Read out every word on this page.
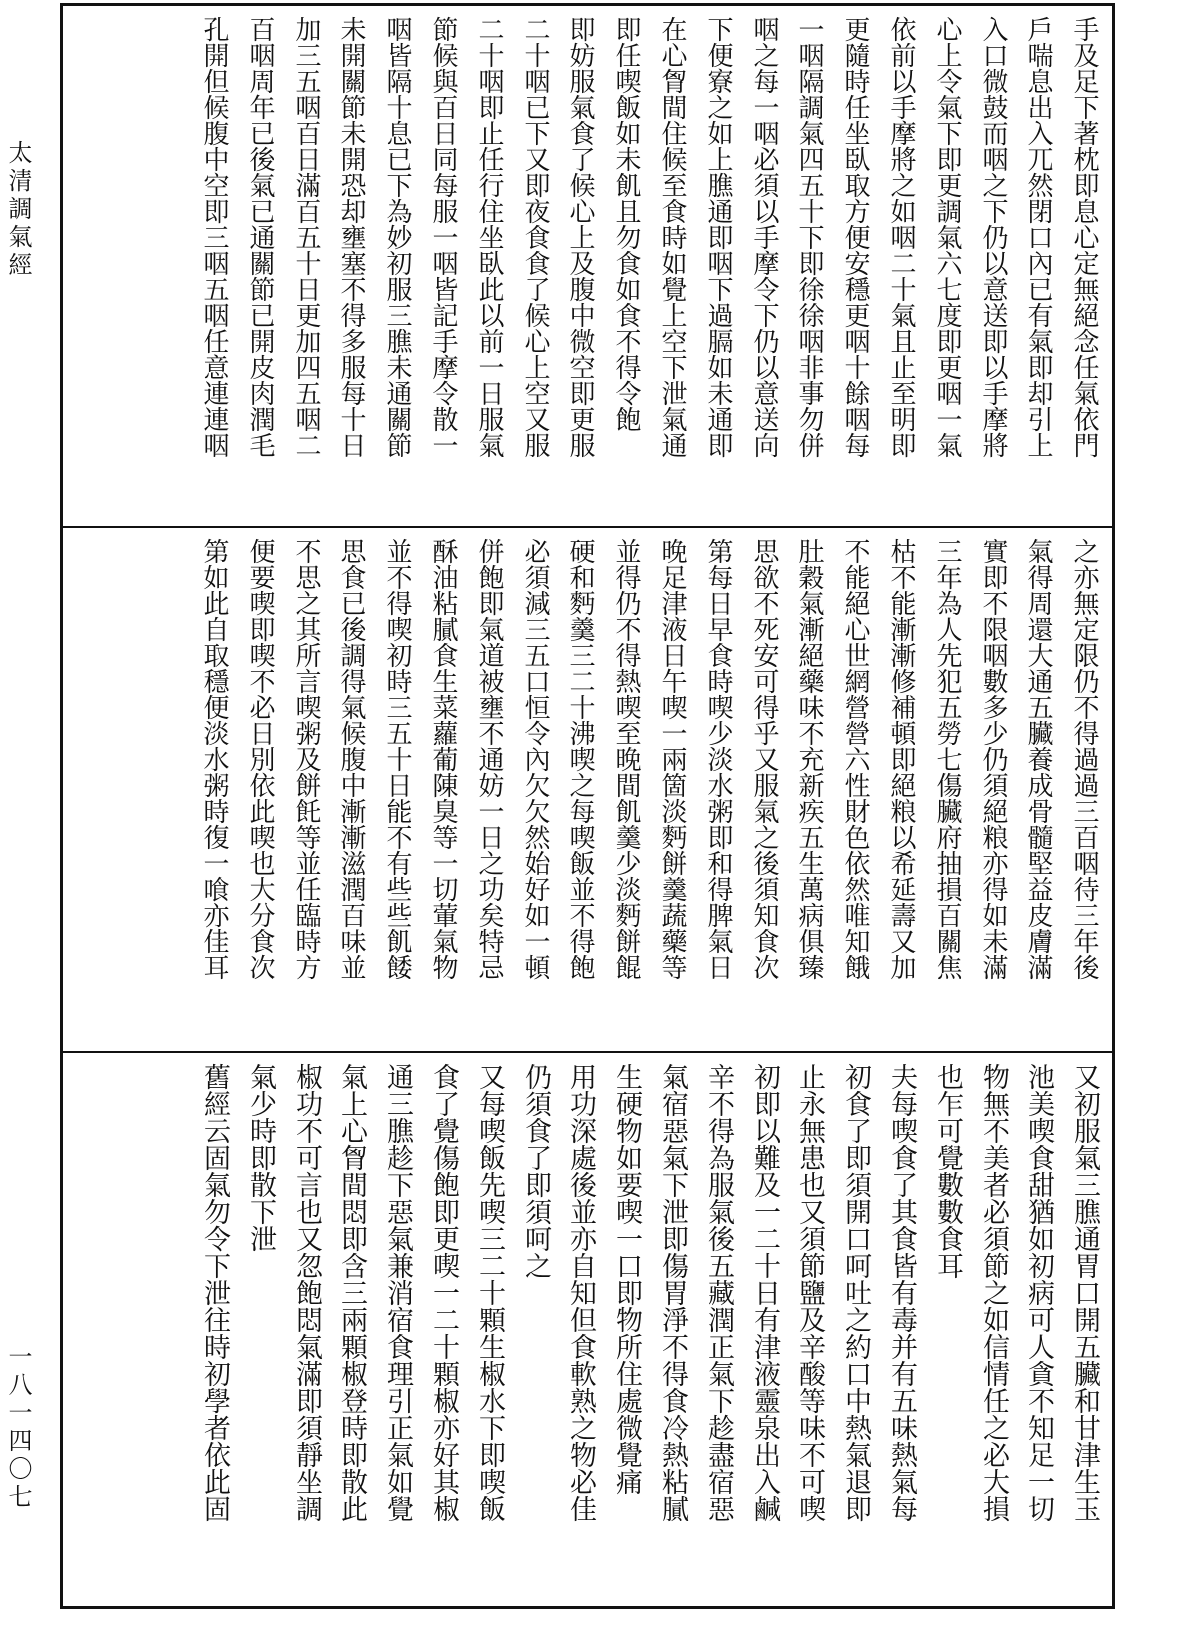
太清調氣經
一八一四〇七
手及足下著枕即息心定無絕念任氣依門
戶喘息出入兀然閉口內已有氣即却引上
入口微鼓而咽之下仍以意送即以手摩將
心上令氣下即更調氣六七度即更咽一氣
依前以手摩將之如咽二十氣且止至明即
更隨時任坐臥取方便安穩更咽十餘咽每
一咽隔調氣四五十下即徐徐咽非事勿併
咽之每一咽必須以手摩令下仍以意送向
下便寮之如上膲通即咽下過膈如未通即
在心胷間住候至食時如覺上空下泄氣通
即任喫飯如未飢且勿食如食不得令飽
即妨服氣食了候心上及腹中微空即更服
二十咽已下又即夜食食了候心上空又服
二十咽即止任行住坐臥此以前一日服氣
節候與百日同每服一咽皆記手摩令散一
咽皆隔十息已下為妙初服三膲未通關節
未開關節未開恐却壅塞不得多服每十日
加三五咽百日滿百五十日更加四五咽二
百咽周年已後氣已通關節已開皮肉潤毛
孔開但候腹中空即三咽五咽任意連連咽
之亦無定限仍不得過過三百咽待三年後
氣得周還大通五臟養成骨髓堅益皮膚滿
實即不限咽數多少仍須絕粮亦得如未滿
三年為人先犯五勞七傷臟府抽損百關焦
枯不能漸漸修補頓即絕粮以希延壽又加
不能絕心世網營營六性財色依然唯知餓
肚穀氣漸絕藥味不充新疾五生萬病俱臻
思欲不死安可得乎又服氣之後須知食次
第每日早食時喫少淡水粥即和得脾氣日
晚足津液日午喫一兩箇淡麪餅羹蔬藥等
並得仍不得熱喫至晚間飢羹少淡麪餅餛
硬和麪羹三二十沸喫之每喫飯並不得飽
必須減三五口恒令內欠欠然始好如一頓
併飽即氣道被壅不通妨一日之功矣特忌
酥油粘膩食生菜蘿葡陳臭等一切葷氣物
並不得喫初時三五十日能不有些些飢餧
思食已後調得氣候腹中漸漸滋潤百味並
不思之其所言喫粥及餅飥等並任臨時方
便要喫即喫不必日別依此喫也大分食次
第如此自取穩便淡水粥時復一喰亦佳耳
又初服氣三膲通胃口開五臟和甘津生玉
池美喫食甜猶如初病可人貪不知足一切
物無不美者必須節之如信情任之必大損
也乍可覺數數食耳
夫每喫食了其食皆有毒并有五味熱氣每
初食了即須開口呵吐之約口中熱氣退即
止永無患也又須節鹽及辛酸等味不可喫
初即以難及一二十日有津液靈泉出入鹹
辛不得為服氣後五藏潤正氣下趁盡宿惡
氣宿惡氣下泄即傷胃淨不得食冷熱粘膩
生硬物如要喫一口即物所住處微覺痛
用功深處後並亦自知但食軟熟之物必佳
仍須食了即須呵之
又每喫飯先喫三二十顆生椒水下即喫飯
食了覺傷飽即更喫一二十顆椒亦好其椒
通三膲趁下惡氣兼消宿食理引正氣如覺
氣上心胷間悶即含三兩顆椒登時即散此
椒功不可言也又忽飽悶氣滿即須靜坐調
氣少時即散下泄
舊經云固氣勿令下泄往時初學者依此固
